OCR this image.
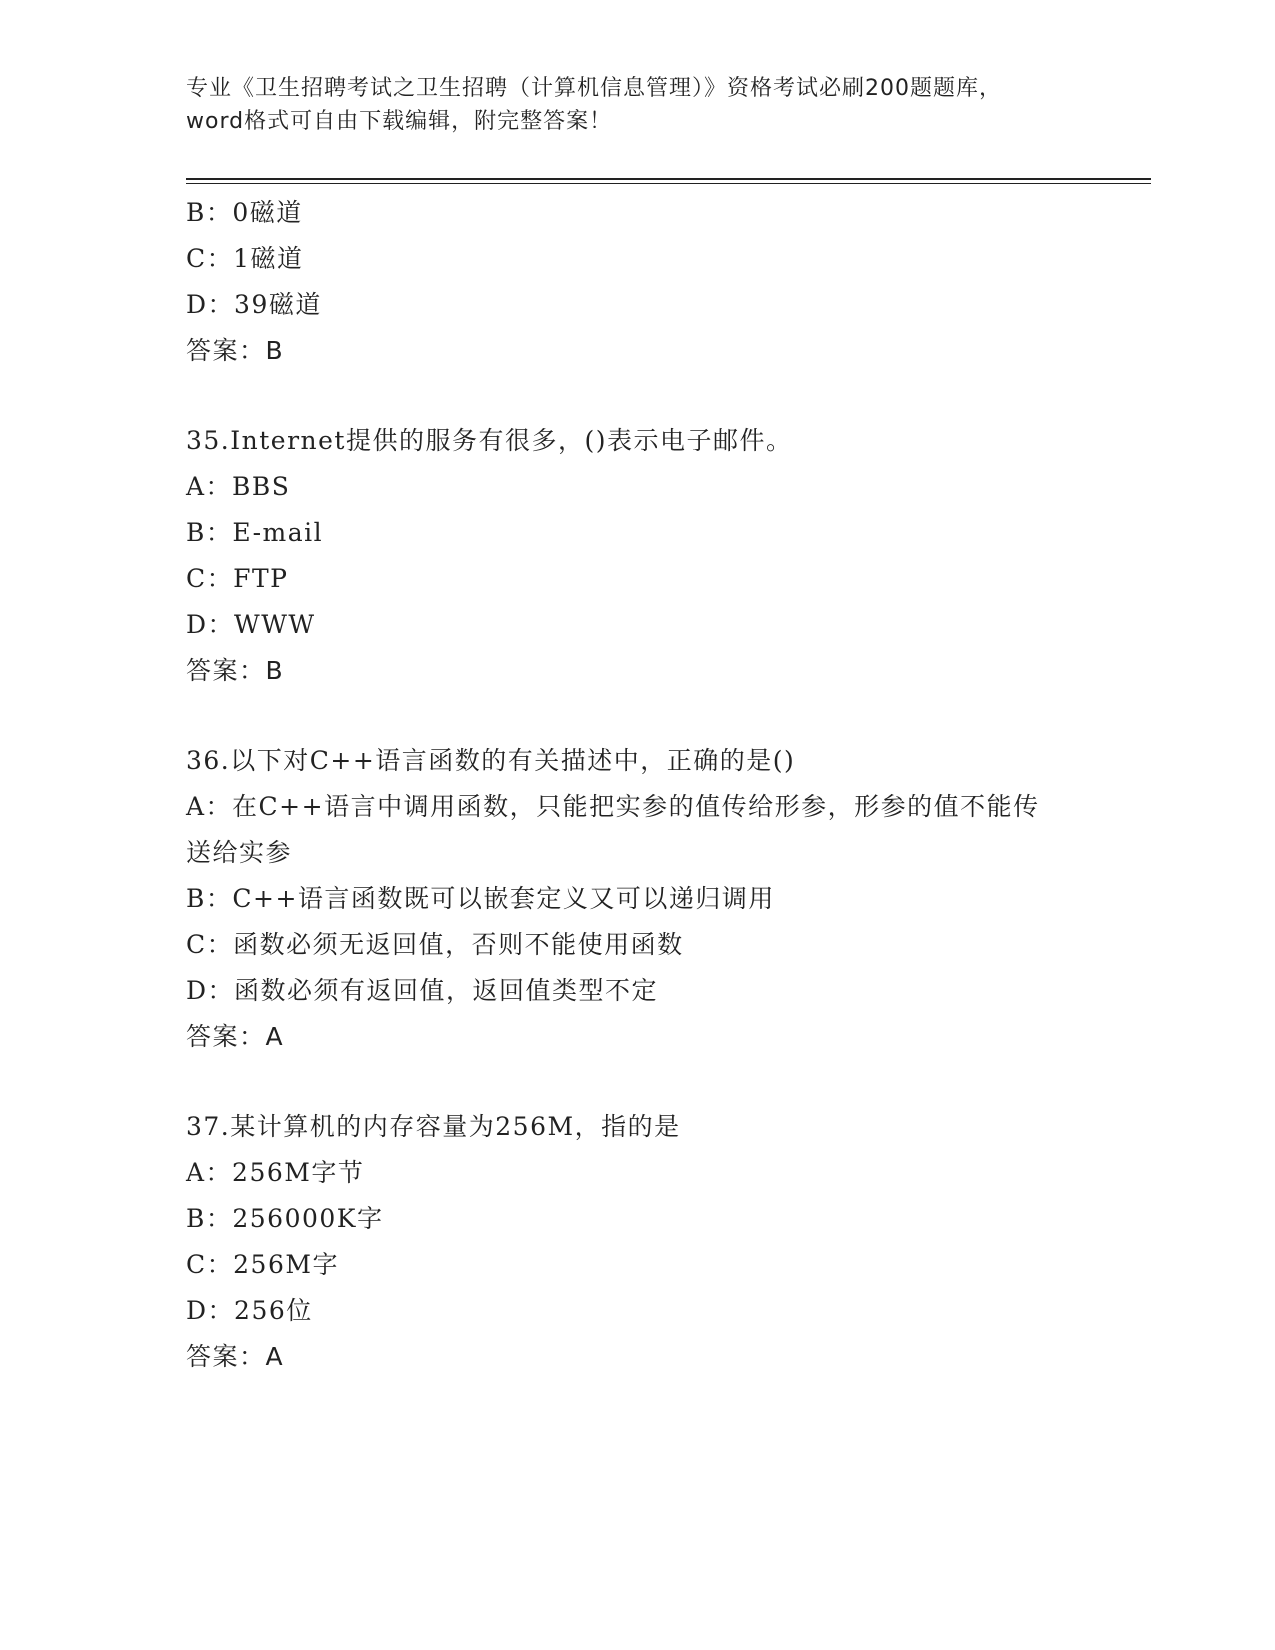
专业《卫生招聘考试之卫生招聘（计算机信息管理）》资格考试必刷200题题库，
word格式可自由下载编辑，附完整答案！
B：0磁道
C：1磁道
D：39磁道
答案：B
35.Internet提供的服务有很多，()表示电子邮件。
A：BBS
B：E-mail
C：FTP
D：WWW
答案：B
36.以下对C++语言函数的有关描述中，正确的是()
A：在C++语言中调用函数，只能把实参的值传给形参，形参的值不能传送给实参
B：C++语言函数既可以嵌套定义又可以递归调用
C：函数必须无返回值，否则不能使用函数
D：函数必须有返回值，返回值类型不定
答案：A
37.某计算机的内存容量为256M，指的是
A：256M字节
B：256000K字
C：256M字
D：256位
答案：A
